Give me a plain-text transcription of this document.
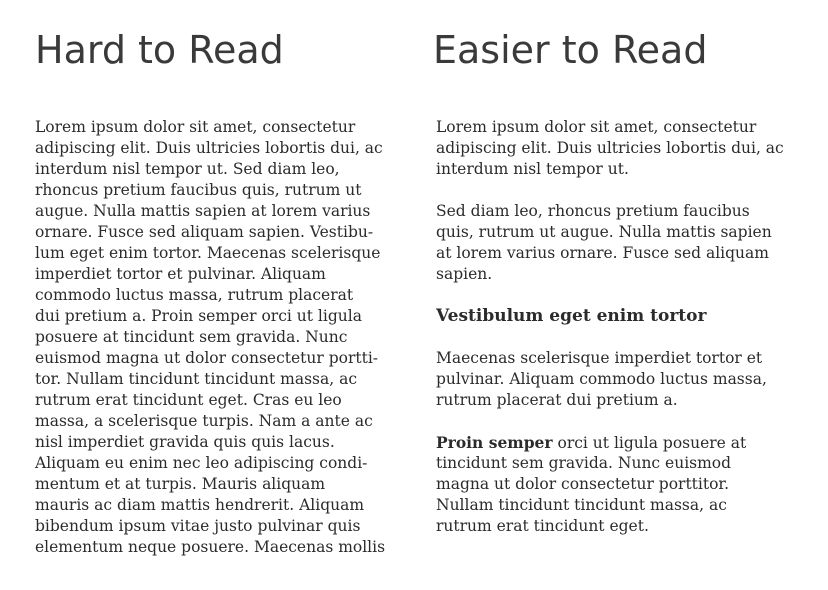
Hard to Read
Lorem ipsum dolor sit amet, consectetur
adipiscing elit. Duis ultricies lobortis dui, ac
interdum nisl tempor ut. Sed diam leo,
rhoncus pretium faucibus quis, rutrum ut
augue. Nulla mattis sapien at lorem varius
ornare. Fusce sed aliquam sapien. Vestibu-
lum eget enim tortor. Maecenas scelerisque
imperdiet tortor et pulvinar. Aliquam
commodo luctus massa, rutrum placerat
dui pretium a. Proin semper orci ut ligula
posuere at tincidunt sem gravida. Nunc
euismod magna ut dolor consectetur portti-
tor. Nullam tincidunt tincidunt massa, ac
rutrum erat tincidunt eget. Cras eu leo
massa, a scelerisque turpis. Nam a ante ac
nisl imperdiet gravida quis quis lacus.
Aliquam eu enim nec leo adipiscing condi-
mentum et at turpis. Mauris aliquam
mauris ac diam mattis hendrerit. Aliquam
bibendum ipsum vitae justo pulvinar quis
elementum neque posuere. Maecenas mollis
Easier to Read
Lorem ipsum dolor sit amet, consectetur
adipiscing elit. Duis ultricies lobortis dui, ac
interdum nisl tempor ut.
Sed diam leo, rhoncus pretium faucibus
quis, rutrum ut augue. Nulla mattis sapien
at lorem varius ornare. Fusce sed aliquam
sapien.
Vestibulum eget enim tortor
Maecenas scelerisque imperdiet tortor et
pulvinar. Aliquam commodo luctus massa,
rutrum placerat dui pretium a.
Proin semper orci ut ligula posuere at
tincidunt sem gravida. Nunc euismod
magna ut dolor consectetur porttitor.
Nullam tincidunt tincidunt massa, ac
rutrum erat tincidunt eget.
